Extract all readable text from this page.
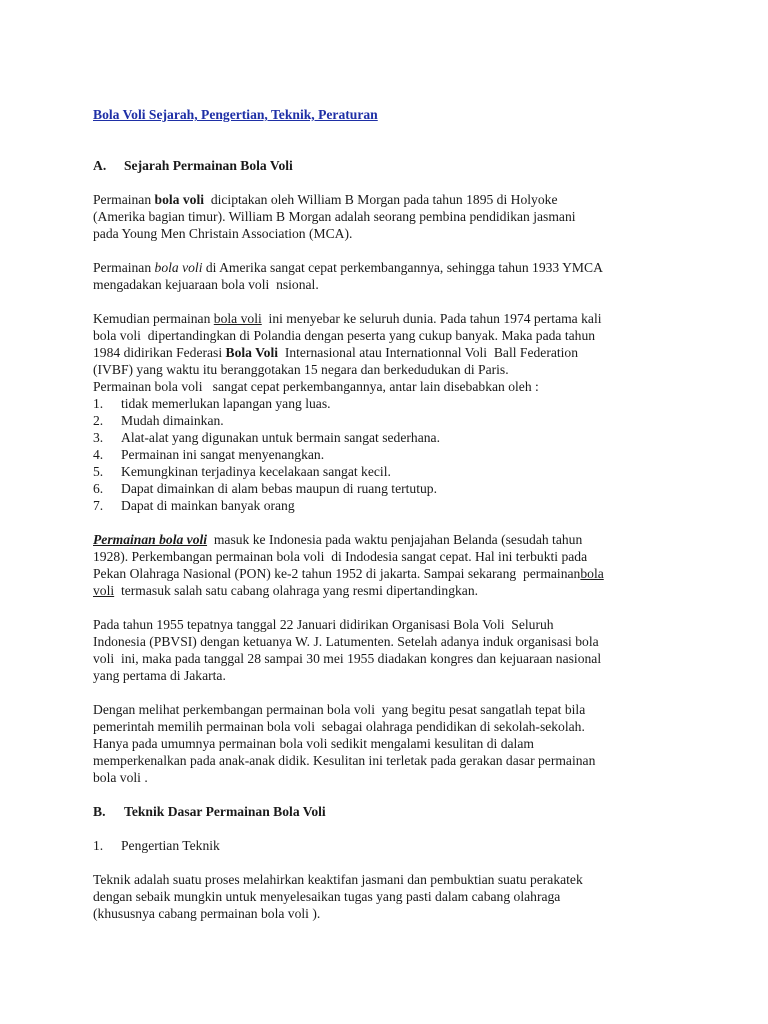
Bola Voli Sejarah, Pengertian, Teknik, Peraturan
A. Sejarah Permainan Bola Voli
Permainan bola voli  diciptakan oleh William B Morgan pada tahun 1895 di Holyoke
(Amerika bagian timur). William B Morgan adalah seorang pembina pendidikan jasmani
pada Young Men Christain Association (MCA).
Permainan bola voli di Amerika sangat cepat perkembangannya, sehingga tahun 1933 YMCA
mengadakan kejuaraan bola voli  nsional.
Kemudian permainan bola voli  ini menyebar ke seluruh dunia. Pada tahun 1974 pertama kali
bola voli  dipertandingkan di Polandia dengan peserta yang cukup banyak. Maka pada tahun
1984 didirikan Federasi Bola Voli  Internasional atau Internationnal Voli  Ball Federation
(IVBF) yang waktu itu beranggotakan 15 negara dan berkedudukan di Paris.
Permainan bola voli   sangat cepat perkembangannya, antar lain disebabkan oleh :
1. tidak memerlukan lapangan yang luas.
2. Mudah dimainkan.
3. Alat-alat yang digunakan untuk bermain sangat sederhana.
4. Permainan ini sangat menyenangkan.
5. Kemungkinan terjadinya kecelakaan sangat kecil.
6. Dapat dimainkan di alam bebas maupun di ruang tertutup.
7. Dapat di mainkan banyak orang
Permainan bola voli  masuk ke Indonesia pada waktu penjajahan Belanda (sesudah tahun
1928). Perkembangan permainan bola voli  di Indodesia sangat cepat. Hal ini terbukti pada
Pekan Olahraga Nasional (PON) ke-2 tahun 1952 di jakarta. Sampai sekarang  permainanbola
voli  termasuk salah satu cabang olahraga yang resmi dipertandingkan.
Pada tahun 1955 tepatnya tanggal 22 Januari didirikan Organisasi Bola Voli  Seluruh
Indonesia (PBVSI) dengan ketuanya W. J. Latumenten. Setelah adanya induk organisasi bola
voli  ini, maka pada tanggal 28 sampai 30 mei 1955 diadakan kongres dan kejuaraan nasional
yang pertama di Jakarta.
Dengan melihat perkembangan permainan bola voli  yang begitu pesat sangatlah tepat bila
pemerintah memilih permainan bola voli  sebagai olahraga pendidikan di sekolah-sekolah.
Hanya pada umumnya permainan bola voli sedikit mengalami kesulitan di dalam
memperkenalkan pada anak-anak didik. Kesulitan ini terletak pada gerakan dasar permainan
bola voli .
B. Teknik Dasar Permainan Bola Voli
1. Pengertian Teknik
Teknik adalah suatu proses melahirkan keaktifan jasmani dan pembuktian suatu perakatek
dengan sebaik mungkin untuk menyelesaikan tugas yang pasti dalam cabang olahraga
(khususnya cabang permainan bola voli ).
